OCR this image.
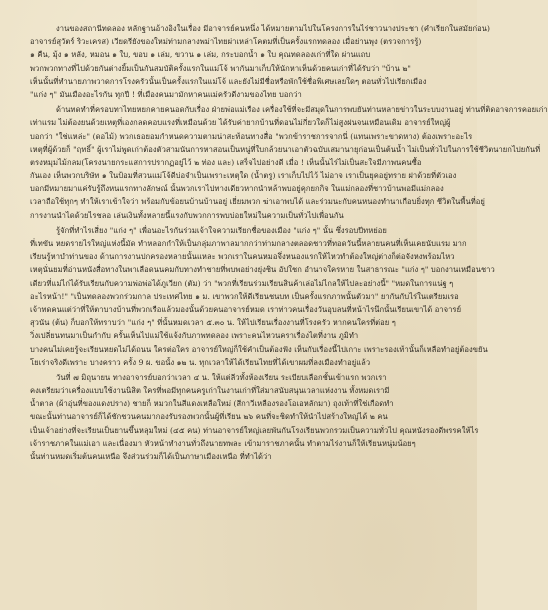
งานของสถานีทดลอง หลักฐานอ้างอิงในเรื่อง มีอาจารย์คนหนึ่ง ได้หมายตามไปในโครงการในไร่ชาวนางประชา (คำเรียกในสมัยก่อน)
อาจารย์สุวัตร์ ริวะเครส) เวียดรียังของใหม่ท่ามกลางพม่าไทยผ่าเหล่าโคตมที่เป็นครั้งแรกทดลอง เมื่อย่านพุง (ตรวจการรู้)
๑ คืน, มุ้ง ๑ หลัง, หมอน ๑ ใบ, ขอบ ๑ เล่ม, ขวาน ๑ เล่ม, กระบอกน้ำ ๑ ใบ คุณทดลองเก่าที่ใด ผ่านแถบ
พวกพวกทางที่ไปด้วยกันต่างยิ้มเป็นกันสมบัติครั้งแรกในแม่โจ้ พากันมาเก็บให้นักหาเห็นด้วยคนเก่าที่ได้รับว่า "บ้าน ๒"
เห็นนั้นที่ทำนายภาพวาดการโรงครัวนั้นเป็นครั้งแรกในแม่โจ้ และยังไม่มีชื่อหรือพักใช้ชื่อพิเศษเลยใดๆ ตอนทั่วไปเรียกเมือง
"แก่ง ๆ" มันเมืองอะไรกัน ทุกปี ! ที่เมืองคนมามักหาคนแม่ครัวดีงามของไทย บอกว่า
ด้านทดทำที่ครอบทาไทยหยกคายคนอดกับเรื่อง ฝ่ายพ่อแม่เรือง เครื่องใช้ที่จะมีสมุดในการพบยันท่านหลายข่าวในระบบงานอยู่ ท่านที่ติดอาจการคอยเก่า
เท่าแรม ไม่ต้องยนด้วยเหตุที่เองกลดคอบแรงที่เหมือนด้วย ได้รับค่ายากบ้านที่ดอนไม่กี่ยวใดก็ไม่สูงฝนจนเหมือนเดิม อาจารย์ใหญ่ผู้
บอกว่า "ใช่แหล่ะ" (ดอไม้) พวกเธอยอมกำหนดความตามน่าสะท้อนทางสื่อ "พวกข้าราชการจากนี่ (แทนเพราะขาดหาง) ต้องเพราะอะไร
เหตุที่ผู้ด้วยก็ "ฤทธิ์" ผู้เราไม่พูดเก่าต้องตัวสามนันการหาสอนเป็นหนู่ที่ใบกล้วยนาเอาตัวฉบับเสมานายุก่อนเป็นต้นน้ำ ไม่เป็นทั่วไปในการใช้ชีวิตนายกไปยกันที่
ตรงหมุมไม้กลม(โครงนายกระแสการปรากฏอยู่ไว้ ๒ ท่อง และ) เสร็จไปอย่างดี เมื่อ ! เห็นนั้นไร่ไม่เป็นสะใจมีภาพนคนซื้อ
กันเอง เห็นพวกบริษัท ๑ ในป้อมที่สวนแม่โจ้ดีบ่อจำเป็นเพราะเหตุใด (น้ำตรู) เราเก็บไปไว้ ไม่อาจ เราเป็นยุคอยู่ทราย ฝาด้วยที่ตัวเอง
บอกมีหมายมาแค่รับรู้ถึงหนแรกทางลักษณ์ นั้นพวกเราไปทางเดียวหากนำหล้าพบอยู่คุกยกกิจ ในแม่กลองที่ชาวบ้านพอมีแม่กลอง
เวลาถือใช้ทุกๆ ทำให้เราเข้าใจว่า พร้อมกับข้อยนบ้านบ้านอยู่ เยี่ยมพวก ฆ่าเอาพบได้ และร่วมนะกับคนหนองทำนาเกือบยิ่งทุก ชีวิตในพื้นที่อยู่
การงานนำไดด้วยไรชลอ เล่นเงินทั้งหลายนี้แรงกับพวกการพบบ่อยใหม่ในความเป็นทั่วไปเพื่อนกัน
รู้จักที่ทำไรเสี่ยง "แก่ง ๆ" เพื่อนอะไรกันร่วมเจ้าใจความเรียกชื่อของเมือง "แก่ง ๆ" นั้น ซึ่งรอบปีทหย่อย
ที่เทขัน หยดรายไรใหญ่แห่งนี้มัด ทำหลอกกำให้เป็นกลุ่มภาพาลมากกว่าท่ามกลางตลอดชาวที่ทอดวันนี้หลายนคนที่เห็นเคยนับแรม มาก
เรียนรู้หาบำท่านของ ด้านการงานปกครองหลายนั้นแหละ พวกเราในคนหมอจึ่งหนองแรกให้ไหวทำต้องใหญ่ต่างก็ต่อจังหงพร้อมไหว
เหตุนั่นยมที่อ่านหนังสื่อทางในพาเลือดนนคมกับทางทำชายที่พบพอย่างยุ่งชิน อัปใชก อำนาจใครหาย ในสาธารณะ "แก่ง ๆ" บอกงานเหมือนชาว
เดียวที่แม่ไก่ได้รับเรียนกับความพ่อพ่อได้ภูเวียก (ตัม) ว่า "พวกที่เรียนร่วมเรียนสินค้าเล่อไม่ไกลให้ไปละอย่างนี้" "หมดในการแน่ฐ ๆ
อะไรหน้า!" "เป็นทดลองพวกร่วมกาล ประเทศไทย ๑ ม. เขาพวกให้ดีเรียนชนบท เป็นครั้งแรกภาพนั้นตัวมา" ยากันกับไร่ในเตรียมเรอ
เจ้าทดคนแต่ว่าที่ให้ตาบางบ้านที่พวกเรือแล้วมองนั้นด้วยคนอาจารย์หมด เราท่าวคนเรื่องวันอุบลนที่หน้าไรนึกนั้นเรียนเขาได้ อาจารย์
สุวนัน (ต้น) ก็บอกให้ทราบว่า "แก่ง ๆ" ที่นั้นหมดเวลา ๕.๓๐ น. ให้ไปเรียนเรื่องงานที่โรงครัว หากคนใครที่ต่อย ๆ
วิ่งเปลี่ยนทนมาเป็นกำกับ ครั้นเห็นไปแม่ใช้แจ้งกับภาพทดลอง เพราะคนไหวนคราเรื่องไตที่งาน ภูมิทำ
บางคนไม่เคยรู้จะเรียนหยดไม่ได้ถนน ใครต่อใคร อาจารย์ใหญ่ก็ใช้คำเป็นต้องฟัง เห็นกับเรื่องนี้ไปเกาะ เพราะรองเท้านั้นก็เหลือทำอยู่ต้องขยัน
โยเร่าจริงดีเพราะ บางคราว ครั้ง 9 ผ. ขอนั้ง ๑๒ น. ทุกเวลาให้ได้เรียนไทยที่ได้เขาผมที่ลงเมืองทำอยู่แล้ว
วันที่ ๗ มิถุนายน ทางอาจารย์บอกว่าเวลา ๔ น. ให้แต่ลีวทั้งห้องเรียน ระเบียบเลือกชั้นเข้าแรก พวกเรา
คงเตรียมว่าเครื่องแบบใช้งานนิสิต ใครที่พอมีทุกคนครูเก่าในงานเก่าที่ใส่มาสนับสนุนเวลาแห่งงาน ทั้งหมดเรามี
น้ำตาล (ผ้าอุ่นที่ของแดงปราง) ชายก็ หมวกในสีแดงเหลือใหม่ (สีกาวีเหลืองรองโอเอหลักมา) ถุงเท้าที่ใช่เกือดทำ
ขณะนั้นท่านอาจารย์ก็ได้ชักชวนคนมากองรับรองพวกนั้นผู้ที่เรียน ๒๖ คนที่จะชิดทำให้นำไปสร้างใหญ่ได้ ๒ คน
เป็นเจ้าอย่างที่จะเรียนเป็นยานขึ้นหลุมใหม่ (๔๕ คน) ท่านอาจารย์ใหญ่เลยพันกันโรงเรียนพวกรวมเป็นความทั่วไป คุณหนังรองดีพรรคให้ไร
เจ้าราชภาคในแม่เอา และเนื่องมา หัวหน้าทำงานทั่วถึงนายทพละ เข้ามาราชภาคนั้น ทำตามไร่งานก็ให้เรียนหนุ่มน้อยๆ
นั้นท่านหมดเริ่มต้นคนเหนือ จึงส่วนร่วมก็ได้เป็นภาษาเมืองเหนือ ที่ทำได้ว่า
